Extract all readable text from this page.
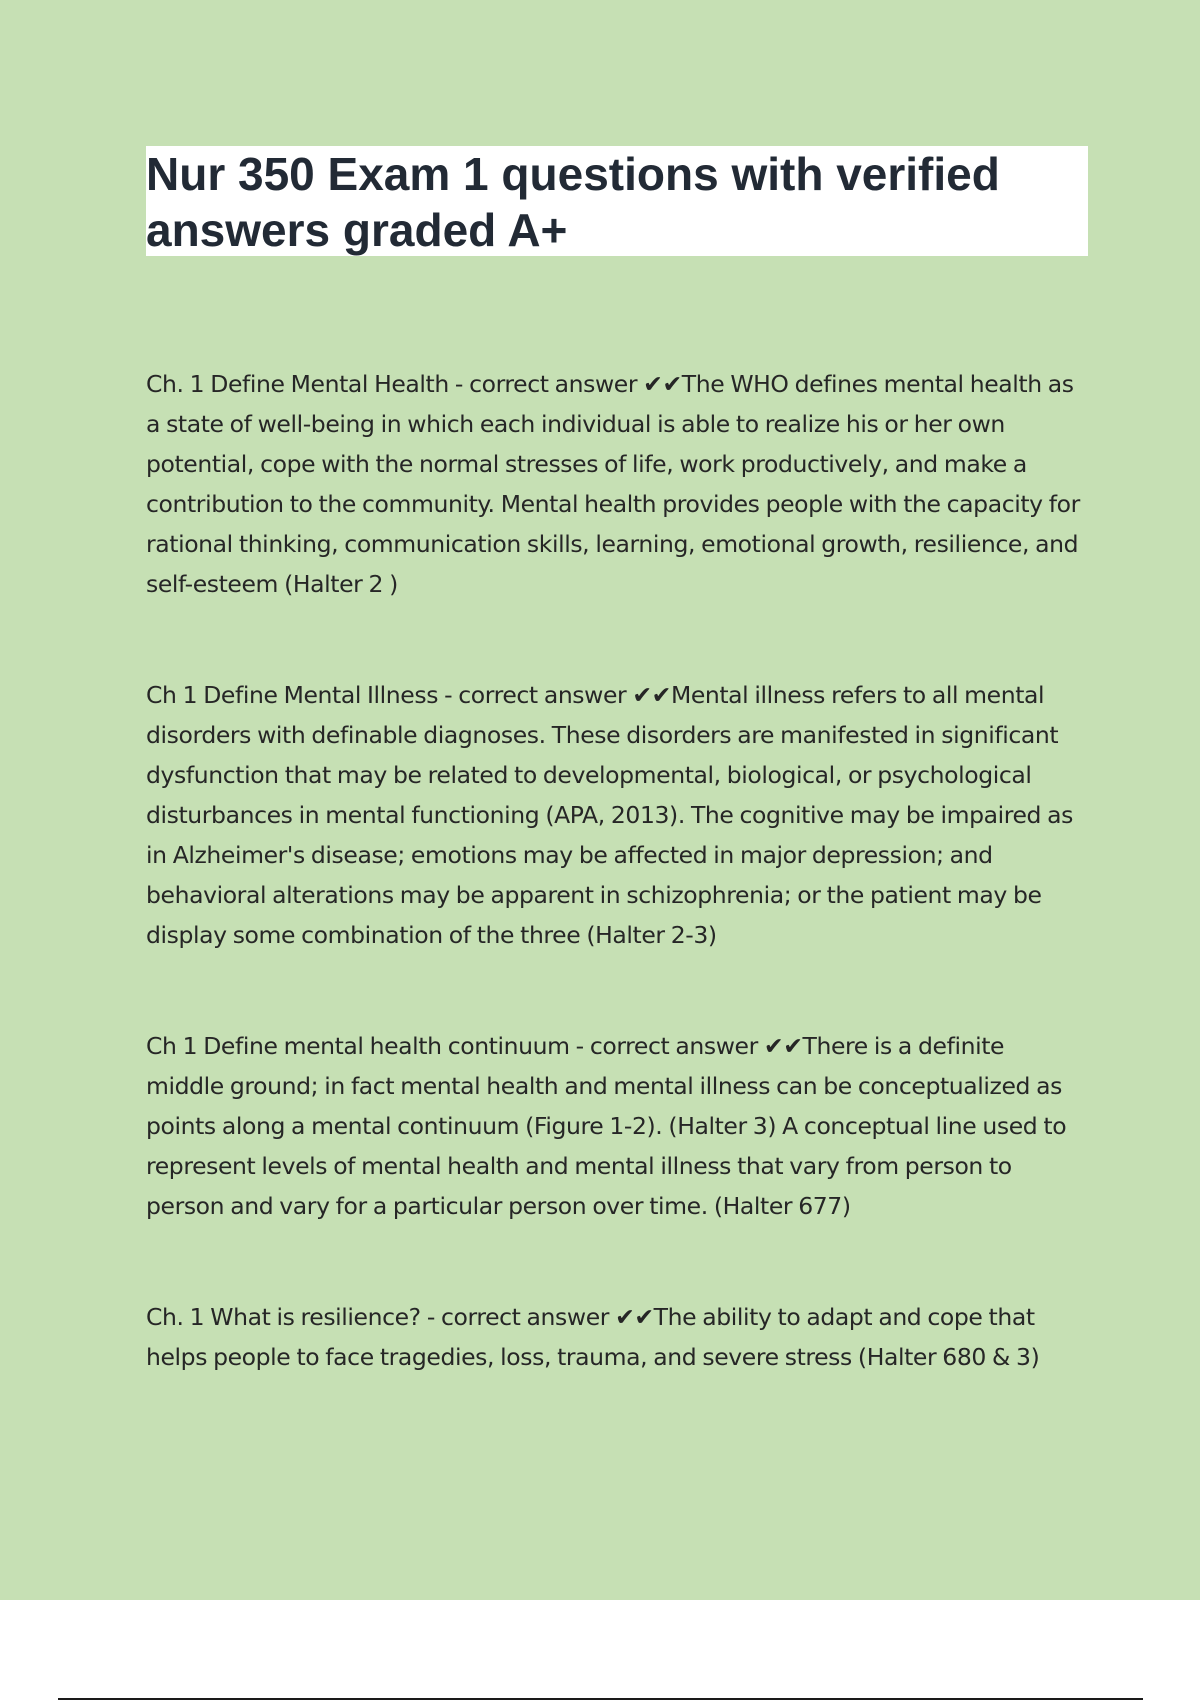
Nur 350 Exam 1 questions with verified answers graded A+

Ch. 1 Define Mental Health - correct answer ✔✔The WHO defines mental health as a state of well-being in which each individual is able to realize his or her own potential, cope with the normal stresses of life, work productively, and make a contribution to the community. Mental health provides people with the capacity for rational thinking, communication skills, learning, emotional growth, resilience, and self-esteem (Halter 2 )

Ch 1 Define Mental Illness - correct answer ✔✔Mental illness refers to all mental disorders with definable diagnoses. These disorders are manifested in significant dysfunction that may be related to developmental, biological, or psychological disturbances in mental functioning (APA, 2013). The cognitive may be impaired as in Alzheimer's disease; emotions may be affected in major depression; and behavioral alterations may be apparent in schizophrenia; or the patient may be display some combination of the three (Halter 2-3)

Ch 1 Define mental health continuum - correct answer ✔✔There is a definite middle ground; in fact mental health and mental illness can be conceptualized as points along a mental continuum (Figure 1-2). (Halter 3) A conceptual line used to represent levels of mental health and mental illness that vary from person to person and vary for a particular person over time. (Halter 677)

Ch. 1 What is resilience? - correct answer ✔✔The ability to adapt and cope that helps people to face tragedies, loss, trauma, and severe stress (Halter 680 & 3)
